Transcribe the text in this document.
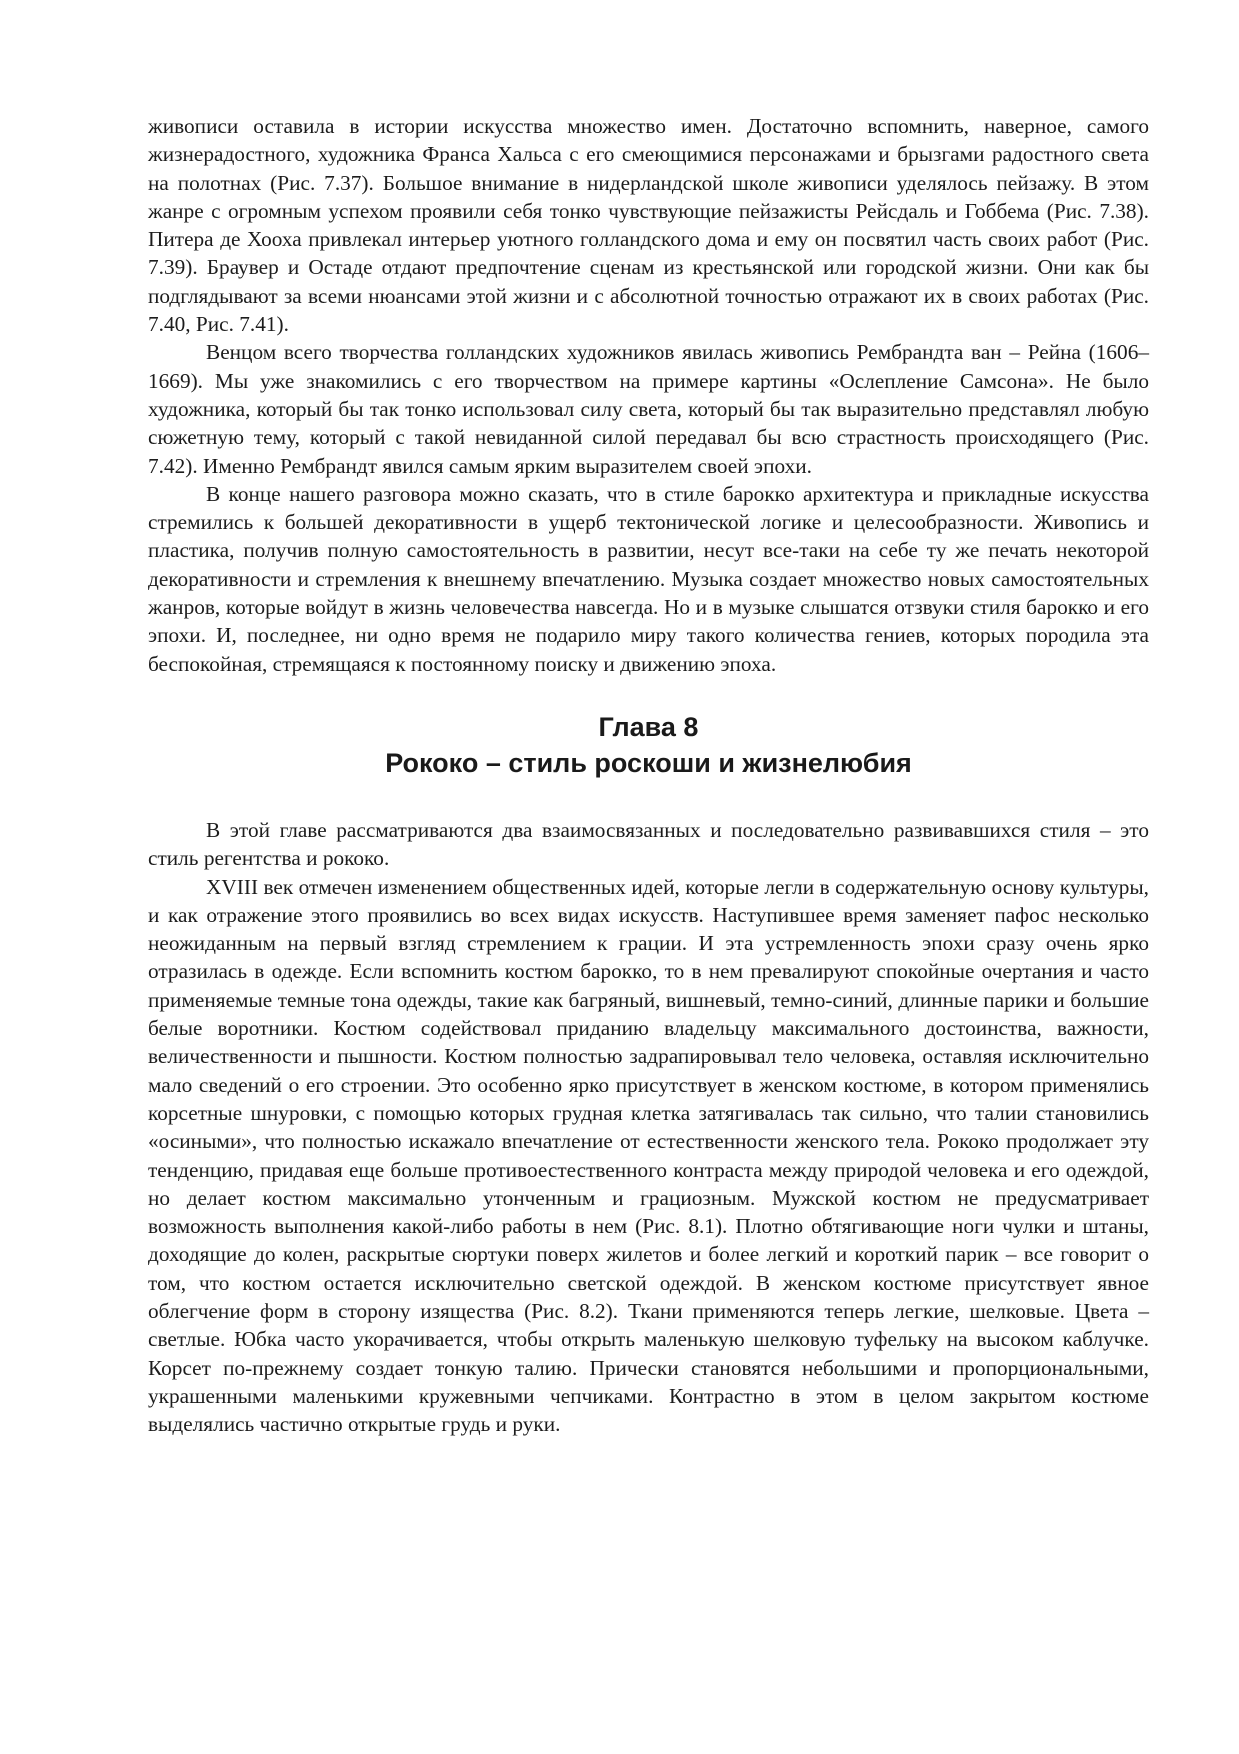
живописи оставила в истории искусства множество имен. Достаточно вспомнить, наверное, самого жизнерадостного, художника Франса Хальса с его смеющимися персонажами и брызгами радостного света на полотнах (Рис. 7.37). Большое внимание в нидерландской школе живописи уделялось пейзажу. В этом жанре с огромным успехом проявили себя тонко чувствующие пейзажисты Рейсдаль и Гоббема (Рис. 7.38). Питера де Хооха привлекал интерьер уютного голландского дома и ему он посвятил часть своих работ (Рис. 7.39). Браувер и Остаде отдают предпочтение сценам из крестьянской или городской жизни. Они как бы подглядывают за всеми нюансами этой жизни и с абсолютной точностью отражают их в своих работах (Рис. 7.40, Рис. 7.41).

Венцом всего творчества голландских художников явилась живопись Рембрандта ван – Рейна (1606–1669). Мы уже знакомились с его творчеством на примере картины «Ослепление Самсона». Не было художника, который бы так тонко использовал силу света, который бы так выразительно представлял любую сюжетную тему, который с такой невиданной силой передавал бы всю страстность происходящего (Рис. 7.42). Именно Рембрандт явился самым ярким выразителем своей эпохи.

В конце нашего разговора можно сказать, что в стиле барокко архитектура и прикладные искусства стремились к большей декоративности в ущерб тектонической логике и целесообразности. Живопись и пластика, получив полную самостоятельность в развитии, несут все-таки на себе ту же печать некоторой декоративности и стремления к внешнему впечатлению. Музыка создает множество новых самостоятельных жанров, которые войдут в жизнь человечества навсегда. Но и в музыке слышатся отзвуки стиля барокко и его эпохи. И, последнее, ни одно время не подарило миру такого количества гениев, которых породила эта беспокойная, стремящаяся к постоянному поиску и движению эпоха.

Глава 8

Рококо – стиль роскоши и жизнелюбия

В этой главе рассматриваются два взаимосвязанных и последовательно развивавшихся стиля – это стиль регентства и рококо.

XVIII век отмечен изменением общественных идей, которые легли в содержательную основу культуры, и как отражение этого проявились во всех видах искусств. Наступившее время заменяет пафос несколько неожиданным на первый взгляд стремлением к грации. И эта устремленность эпохи сразу очень ярко отразилась в одежде. Если вспомнить костюм барокко, то в нем превалируют спокойные очертания и часто применяемые темные тона одежды, такие как багряный, вишневый, темно-синий, длинные парики и большие белые воротники. Костюм содействовал приданию владельцу максимального достоинства, важности, величественности и пышности. Костюм полностью задрапировывал тело человека, оставляя исключительно мало сведений о его строении. Это особенно ярко присутствует в женском костюме, в котором применялись корсетные шнуровки, с помощью которых грудная клетка затягивалась так сильно, что талии становились «осиными», что полностью искажало впечатление от естественности женского тела. Рококо продолжает эту тенденцию, придавая еще больше противоестественного контраста между природой человека и его одеждой, но делает костюм максимально утонченным и грациозным. Мужской костюм не предусматривает возможность выполнения какой-либо работы в нем (Рис. 8.1). Плотно обтягивающие ноги чулки и штаны, доходящие до колен, раскрытые сюртуки поверх жилетов и более легкий и короткий парик – все говорит о том, что костюм остается исключительно светской одеждой. В женском костюме присутствует явное облегчение форм в сторону изящества (Рис. 8.2). Ткани применяются теперь легкие, шелковые. Цвета – светлые. Юбка часто укорачивается, чтобы открыть маленькую шелковую туфельку на высоком каблучке. Корсет по-прежнему создает тонкую талию. Прически становятся небольшими и пропорциональными, украшенными маленькими кружевными чепчиками. Контрастно в этом в целом закрытом костюме выделялись частично открытые грудь и руки.
